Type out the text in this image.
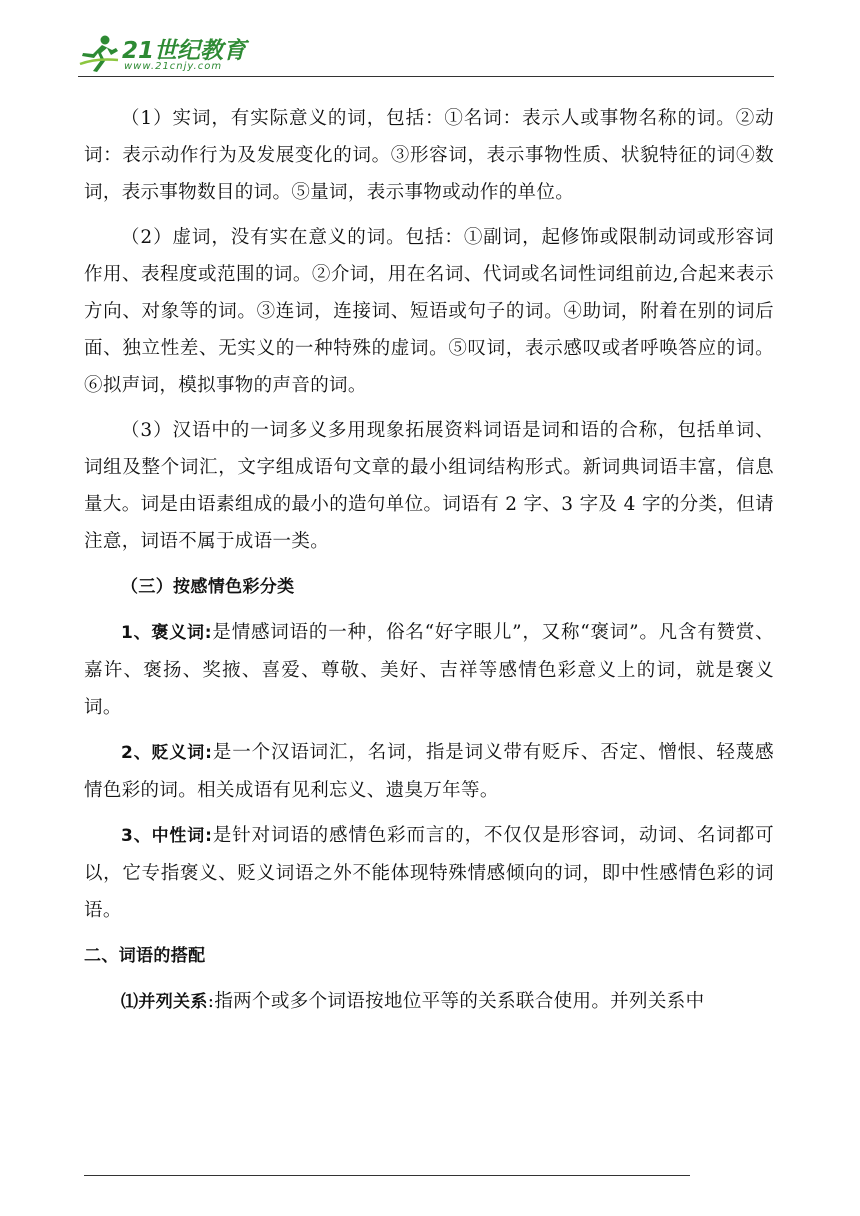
21世纪教育
www.21cnjy.com

（1）实词，有实际意义的词，包括：①名词：表示人或事物名称的词。②动词：表示动作行为及发展变化的词。③形容词，表示事物性质、状貌特征的词④数词，表示事物数目的词。⑤量词，表示事物或动作的单位。

（2）虚词，没有实在意义的词。包括：①副词，起修饰或限制动词或形容词作用、表程度或范围的词。②介词，用在名词、代词或名词性词组前边,合起来表示方向、对象等的词。③连词，连接词、短语或句子的词。④助词，附着在别的词后面、独立性差、无实义的一种特殊的虚词。⑤叹词，表示感叹或者呼唤答应的词。⑥拟声词，模拟事物的声音的词。

（3）汉语中的一词多义多用现象拓展资料词语是词和语的合称，包括单词、词组及整个词汇，文字组成语句文章的最小组词结构形式。新词典词语丰富，信息量大。词是由语素组成的最小的造句单位。词语有 2 字、3 字及 4 字的分类，但请注意，词语不属于成语一类。

（三）按感情色彩分类

1、褒义词:是情感词语的一种，俗名“好字眼儿”，又称“褒词”。凡含有赞赏、嘉许、褒扬、奖掖、喜爱、尊敬、美好、吉祥等感情色彩意义上的词，就是褒义词。

2、贬义词:是一个汉语词汇，名词，指是词义带有贬斥、否定、憎恨、轻蔑感情色彩的词。相关成语有见利忘义、遗臭万年等。

3、中性词:是针对词语的感情色彩而言的，不仅仅是形容词，动词、名词都可以，它专指褒义、贬义词语之外不能体现特殊情感倾向的词，即中性感情色彩的词语。

二、词语的搭配

⑴并列关系:指两个或多个词语按地位平等的关系联合使用。并列关系中
